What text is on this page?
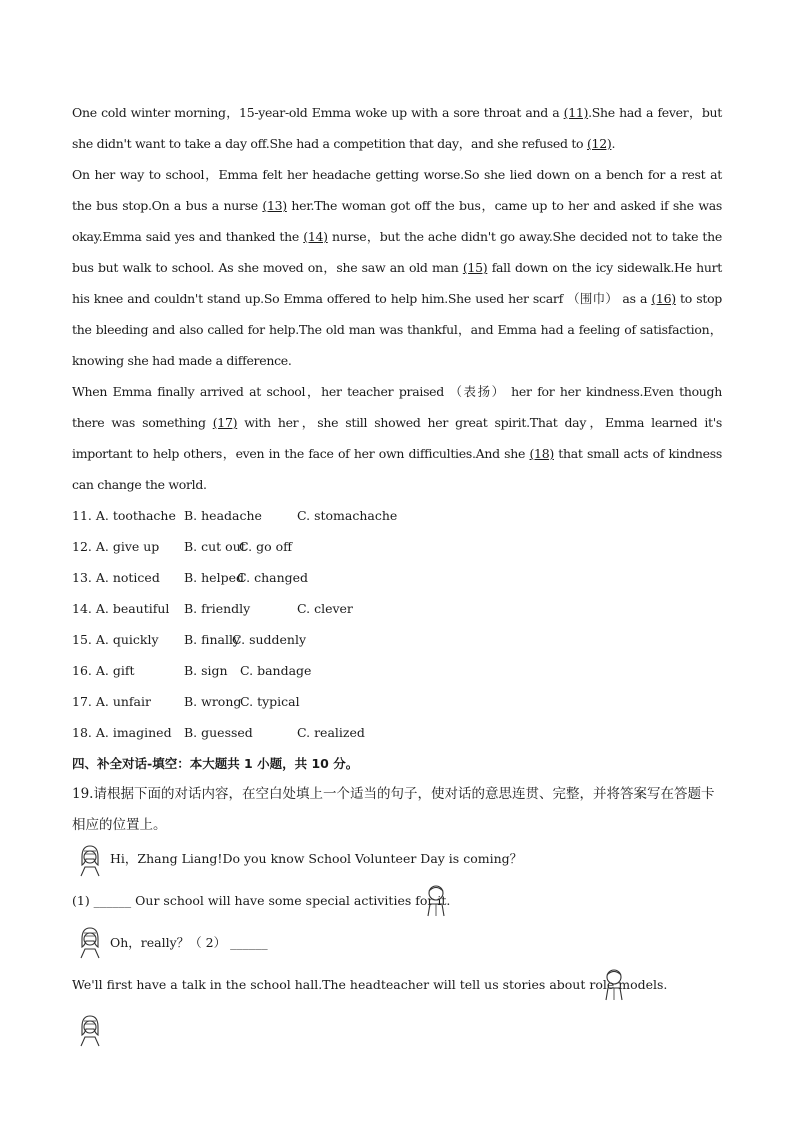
One cold winter morning，15-year-old Emma woke up with a sore throat and a (11).She had a fever，but she didn't want to take a day off.She had a competition that day，and she refused to (12).
On her way to school，Emma felt her headache getting worse.So she lied down on a bench for a rest at the bus stop.On a bus a nurse (13) her.The woman got off the bus，came up to her and asked if she was okay.Emma said yes and thanked the (14) nurse，but the ache didn't go away.She decided not to take the bus but walk to school. As she moved on，she saw an old man (15) fall down on the icy sidewalk.He hurt his knee and couldn't stand up.So Emma offered to help him.She used her scarf （围巾） as a (16) to stop the bleeding and also called for help.The old man was thankful，and Emma had a feeling of satisfaction，knowing she had made a difference.
When Emma finally arrived at school，her teacher praised （表扬） her for her kindness.Even though there was something (17) with her，she still showed her great spirit.That day，Emma learned it's important to help others，even in the face of her own difficulties.And she (18) that small acts of kindness can change the world.
11. A. toothache B. headache	C. stomachache
12. A. give up B. cut out
C. go off
13. A. noticed B. helped
C. changed
14. A. beautiful B. friendly	C. clever
15. A. quickly B. finally
C. suddenly
16. A. gift	B. sign C. bandage
17. A. unfair	B. wrong
C. typical
18. A. imagined B. guessed	C. realized
四、补全对话-填空：本大题共 1 小题，共 10 分。
19.请根据下面的对话内容，在空白处填上一个适当的句子，使对话的意思连贯、完整，并将答案写在答题卡相应的位置上。
Hi，Zhang Liang!Do you know School Volunteer Day is coming？
(1) ______ Our school will have some special activities for it.
Oh，really？（ 2） ______
We'll first have a talk in the school hall.The headteacher will tell us stories about role models.
